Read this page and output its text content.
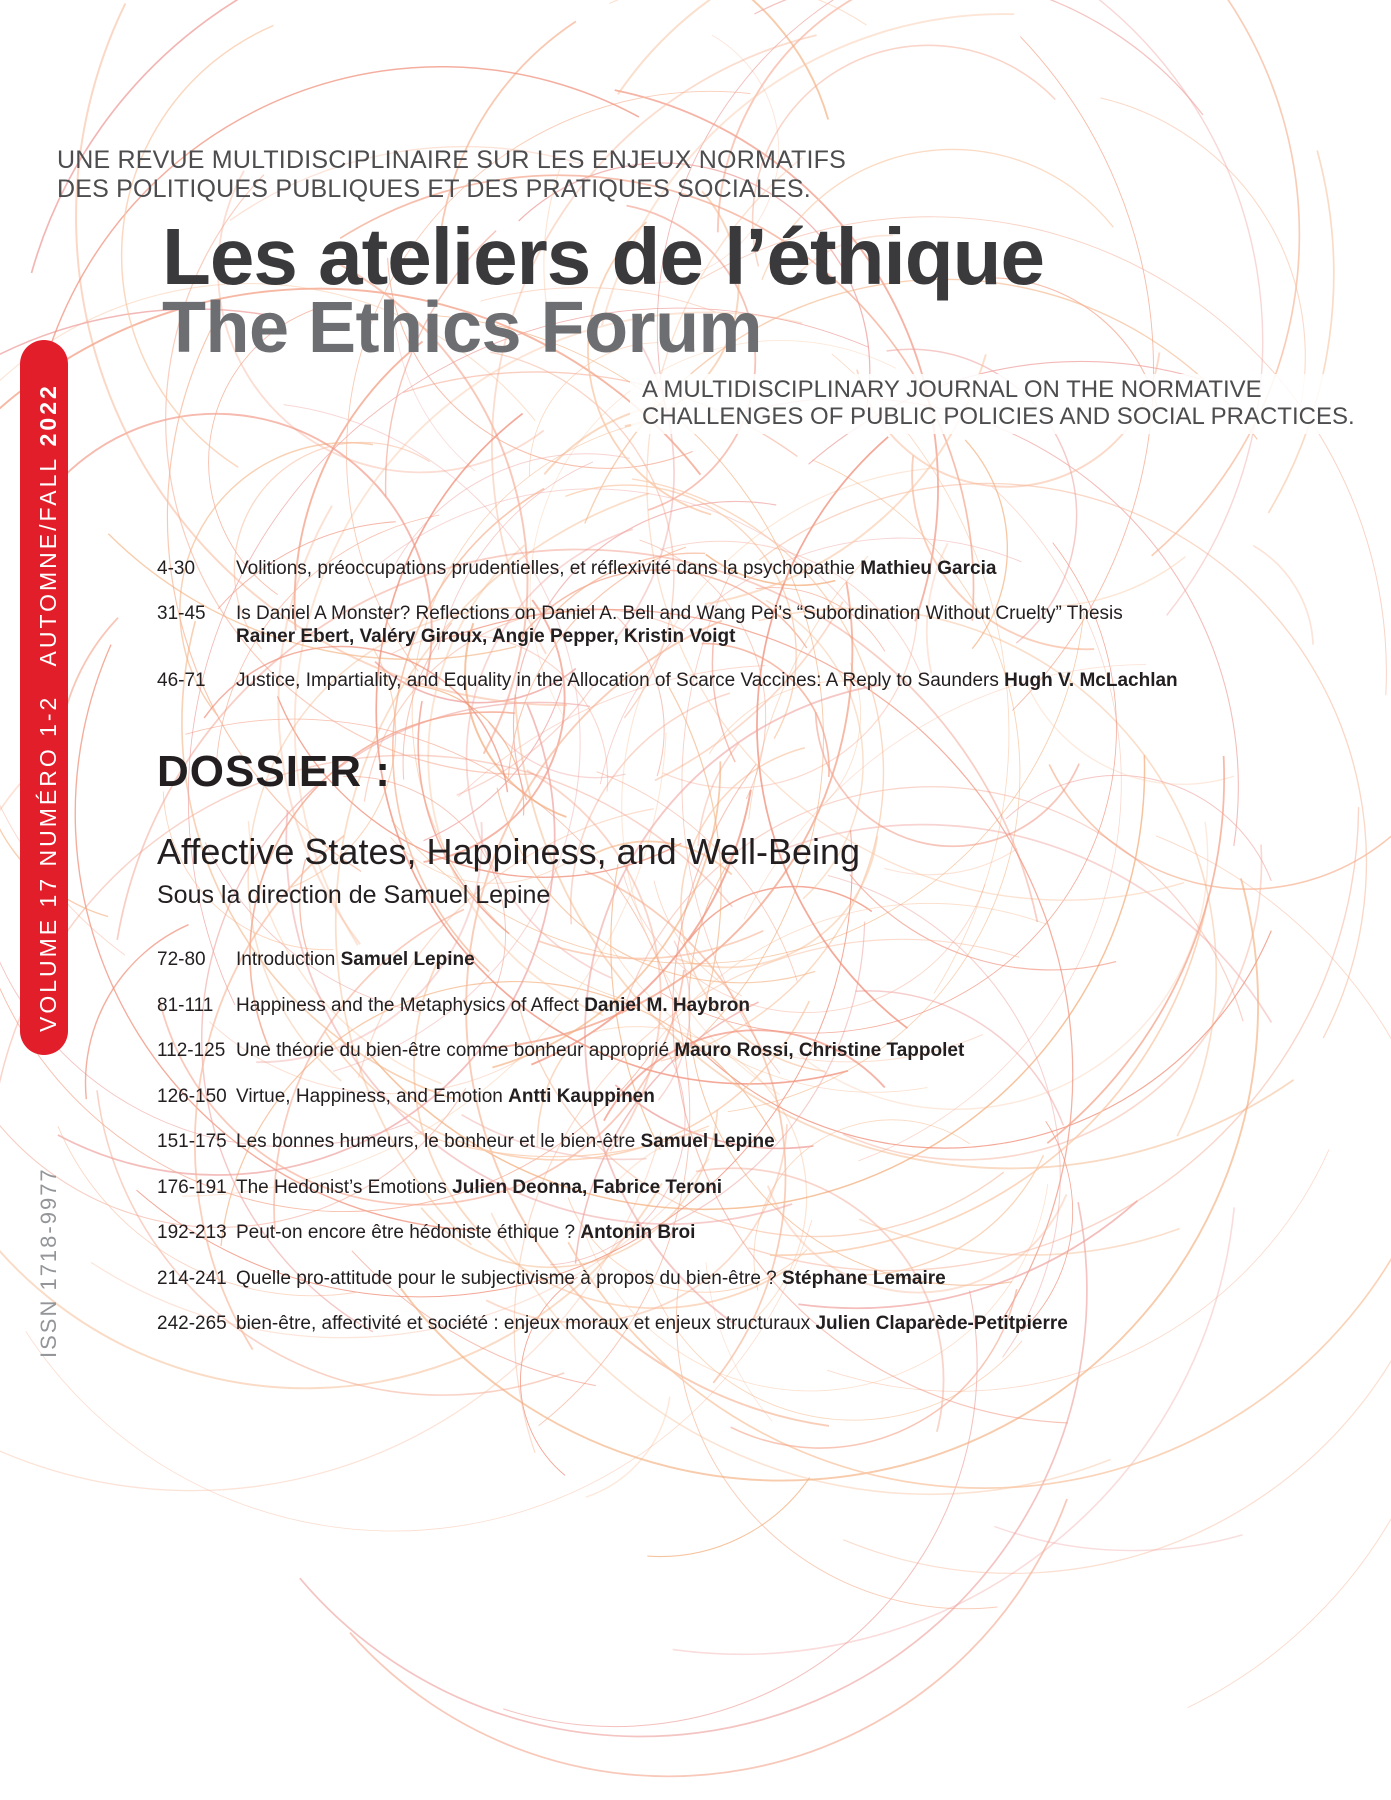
UNE REVUE MULTIDISCIPLINAIRE SUR LES ENJEUX NORMATIFS
DES POLITIQUES PUBLIQUES ET DES PRATIQUES SOCIALES.
Les ateliers de l’éthique
The Ethics Forum
A MULTIDISCIPLINARY JOURNAL ON THE NORMATIVE
CHALLENGES OF PUBLIC POLICIES AND SOCIAL PRACTICES.
VOLUME 17 NUMÉRO 1-2   AUTOMNE/FALL 2022
ISSN 1718-9977
4-30 Volitions, préoccupations prudentielles, et réflexivité dans la psychopathie Mathieu Garcia
31-45 Is Daniel A Monster? Reflections on Daniel A. Bell and Wang Pei’s “Subordination Without Cruelty” Thesis
Rainer Ebert, Valéry Giroux, Angie Pepper, Kristin Voigt
46-71 Justice, Impartiality, and Equality in the Allocation of Scarce Vaccines: A Reply to Saunders Hugh V. McLachlan
DOSSIER :
Affective States, Happiness, and Well-Being
Sous la direction de Samuel Lepine
72-80 Introduction Samuel Lepine
81-111 Happiness and the Metaphysics of Affect Daniel M. Haybron
112-125 Une théorie du bien-être comme bonheur approprié Mauro Rossi, Christine Tappolet
126-150 Virtue, Happiness, and Emotion Antti Kauppinen
151-175 Les bonnes humeurs, le bonheur et le bien-être Samuel Lepine
176-191 The Hedonist’s Emotions Julien Deonna, Fabrice Teroni
192-213 Peut-on encore être hédoniste éthique ? Antonin Broi
214-241 Quelle pro-attitude pour le subjectivisme à propos du bien-être ? Stéphane Lemaire
242-265 bien-être, affectivité et société : enjeux moraux et enjeux structuraux Julien Claparède-Petitpierre
